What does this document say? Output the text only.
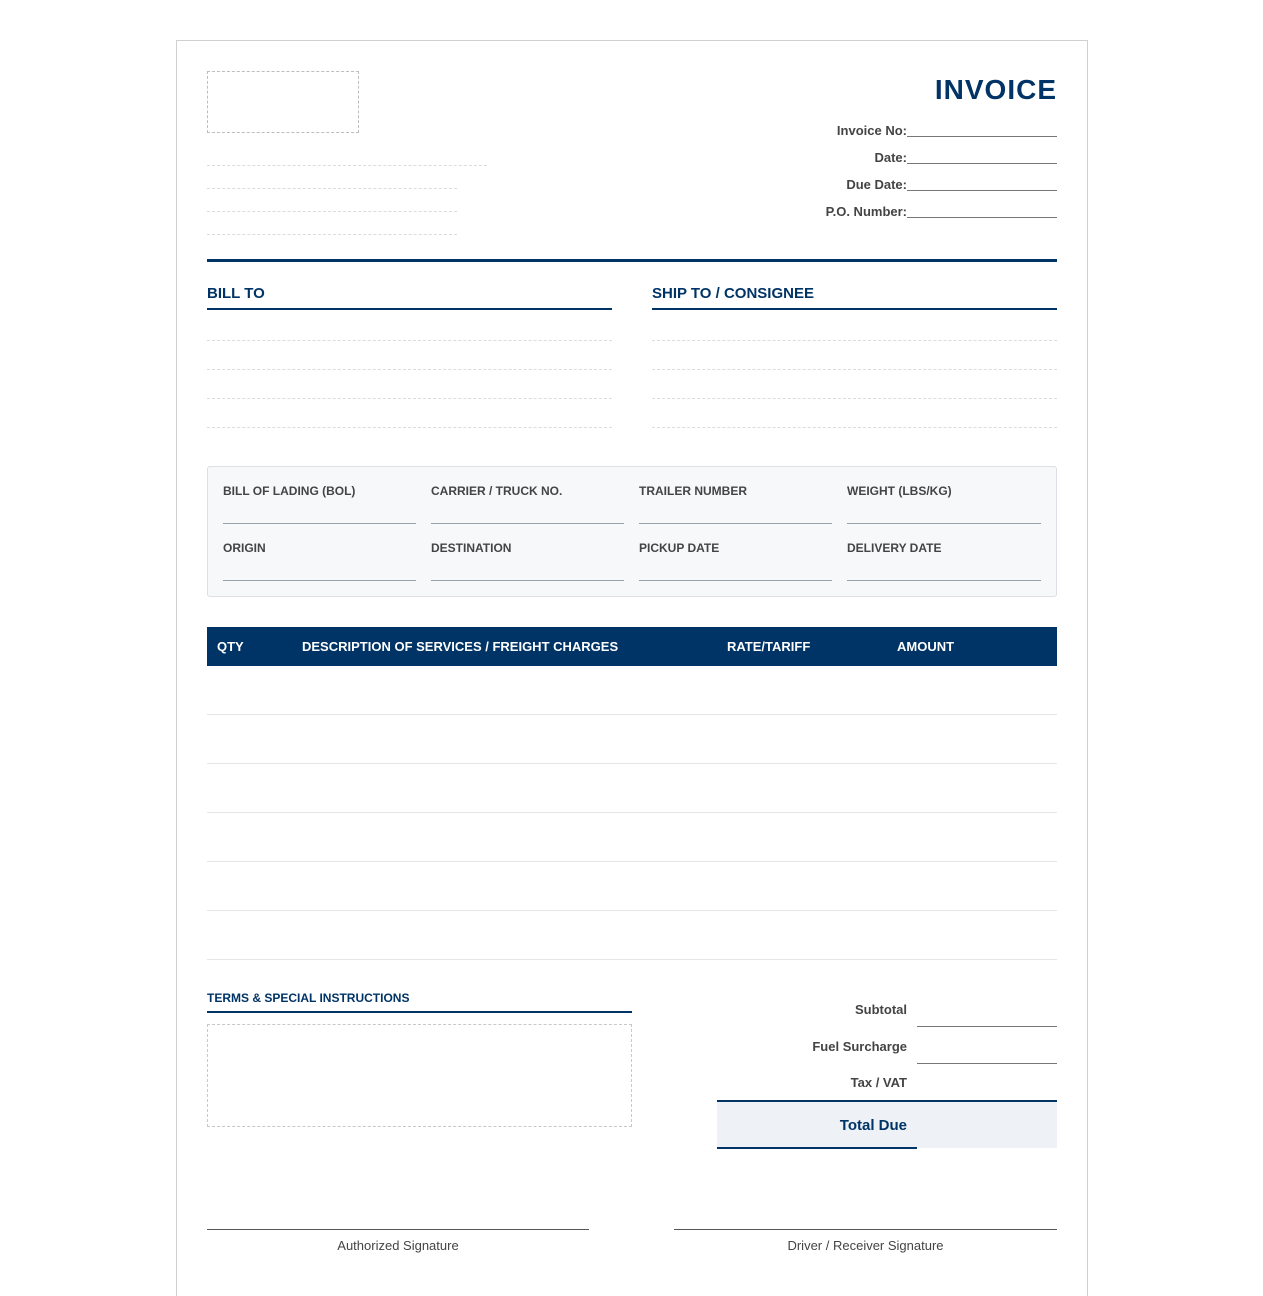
INVOICE
Invoice No:
Date:
Due Date:
P.O. Number:
BILL TO	SHIP TO / CONSIGNEE
BILL OF LADING (BOL)	CARRIER / TRUCK NO.	TRAILER NUMBER	WEIGHT (LBS/KG)
ORIGIN	DESTINATION	PICKUP DATE	DELIVERY DATE
QTY	DESCRIPTION OF SERVICES / FREIGHT CHARGES	RATE/TARIFF	AMOUNT
TERMS & SPECIAL INSTRUCTIONS
Subtotal
Fuel Surcharge
Tax / VAT
Total Due
Authorized Signature	Driver / Receiver Signature
